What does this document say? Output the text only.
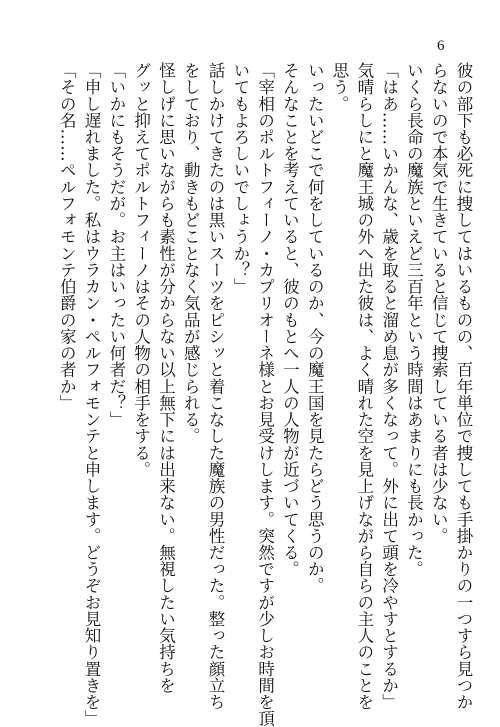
6
彼の部下も必死に捜してはいるものの、百年単位で捜しても手掛かりの一つすら見つか
らないので本気で生きていると信じて捜索している者は少ない。
いくら長命の魔族といえど三百年という時間はあまりにも長かった。
「はあ……いかんな、歳を取ると溜め息が多くなって。外に出て頭を冷やすとするか」
気晴らしにと魔王城の外へ出た彼は、よく晴れた空を見上げながら自らの主人のことを
思う。
いったいどこで何をしているのか、今の魔王国を見たらどう思うのか。
そんなことを考えていると、彼のもとへ一人の人物が近づいてくる。
「宰相のポルトフィーノ・カプリオーネ様とお見受けします。突然ですが少しお時間を頂
いてもよろしいでしょうか？」
話しかけてきたのは黒いスーツをピシッと着こなした魔族の男性だった。整った顔立ち
をしており、動きもどことなく気品が感じられる。
怪しげに思いながらも素性が分からない以上無下には出来ない。無視したい気持ちを
グッと抑えてポルトフィーノはその人物の相手をする。
「いかにもそうだが。お主はいったい何者だ？」
「申し遅れました。私はウラカン・ペルフォモンテと申します。どうぞお見知り置きを」
「その名……ペルフォモンテ伯爵の家の者か」
